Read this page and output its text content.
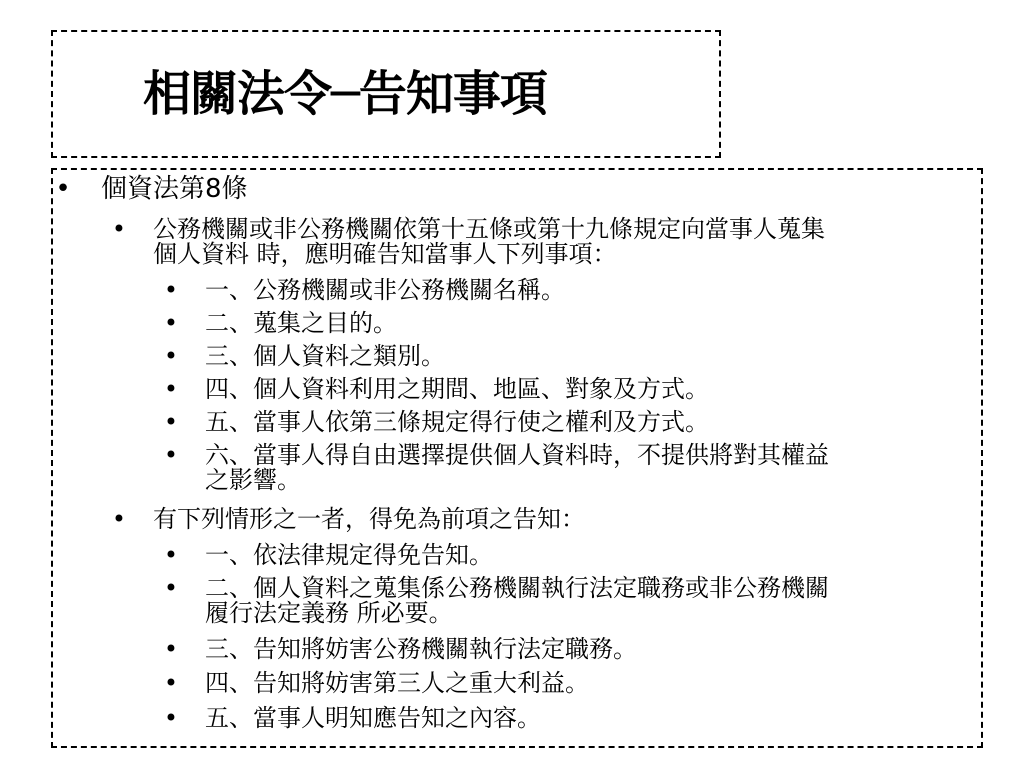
相關法令─告知事項
• 個資法第8條
• 公務機關或非公務機關依第十五條或第十九條規定向當事人蒐集
個人資料 時，應明確告知當事人下列事項：
• 一、公務機關或非公務機關名稱。
• 二、蒐集之目的。
• 三、個人資料之類別。
• 四、個人資料利用之期間、地區、對象及方式。
• 五、當事人依第三條規定得行使之權利及方式。
• 六、當事人得自由選擇提供個人資料時，不提供將對其權益
之影響。
• 有下列情形之一者，得免為前項之告知：
• 一、依法律規定得免告知。
• 二、個人資料之蒐集係公務機關執行法定職務或非公務機關
履行法定義務 所必要。
• 三、告知將妨害公務機關執行法定職務。
• 四、告知將妨害第三人之重大利益。
• 五、當事人明知應告知之內容。
